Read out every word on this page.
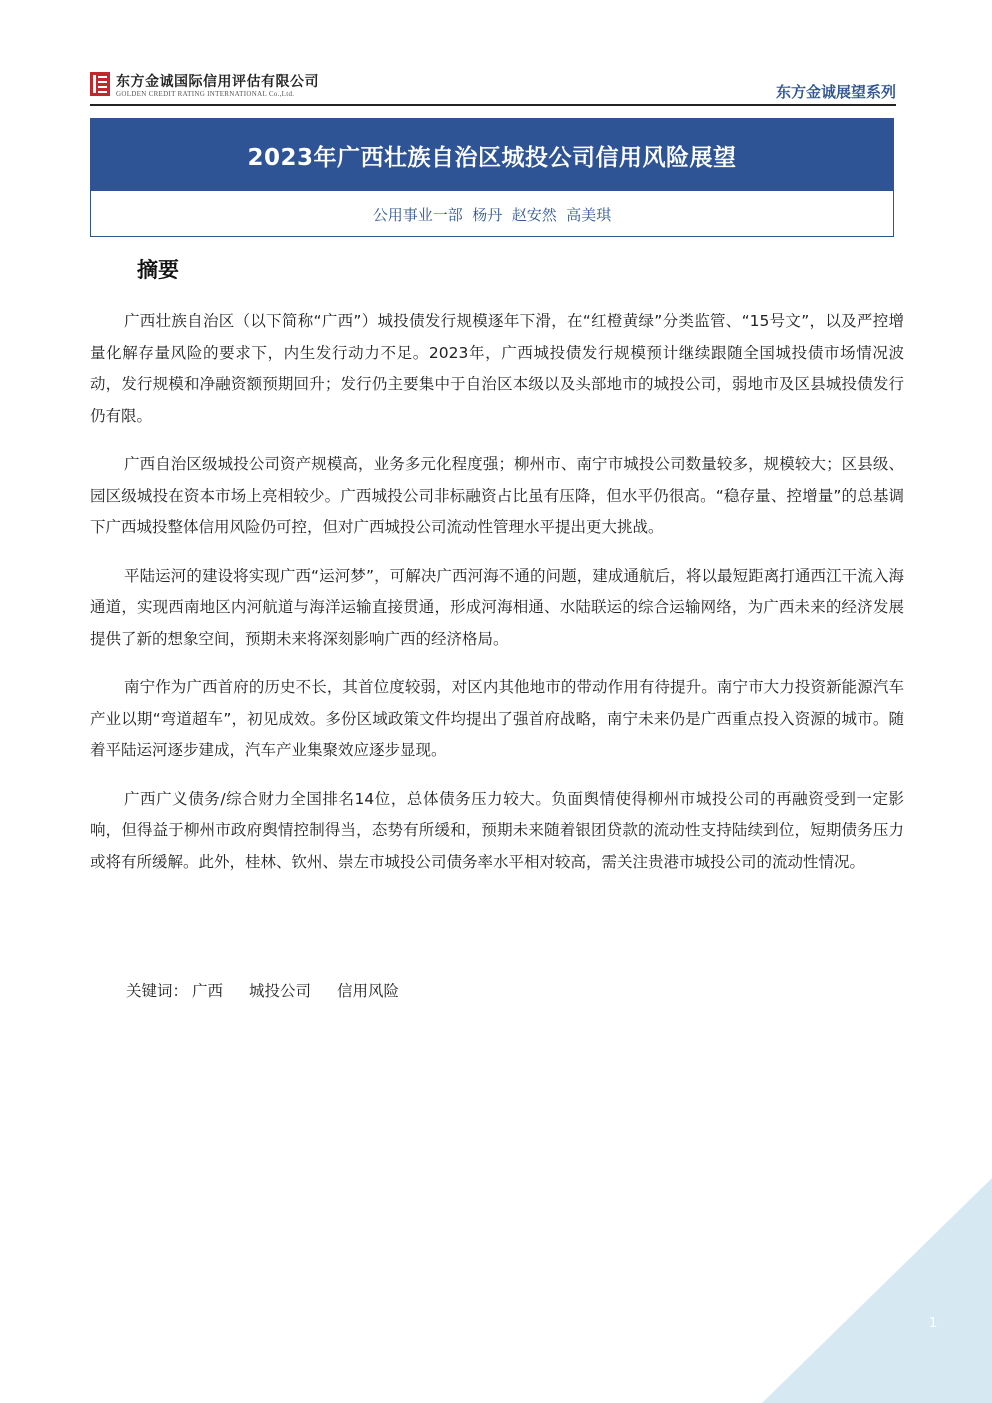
东方金诚国际信用评估有限公司
GOLDEN CREDIT RATING INTERNATIONAL Co.,Ltd.	东方金诚展望系列
2023年广西壮族自治区城投公司信用风险展望
公用事业一部  杨丹  赵安然  高美琪
摘要

广西壮族自治区（以下简称“广西”）城投债发行规模逐年下滑，在“红橙黄绿”分类监管、“15号文”，以及严控增量化解存量风险的要求下，内生发行动力不足。2023年，广西城投债发行规模预计继续跟随全国城投债市场情况波动，发行规模和净融资额预期回升；发行仍主要集中于自治区本级以及头部地市的城投公司，弱地市及区县城投债发行仍有限。

广西自治区级城投公司资产规模高，业务多元化程度强；柳州市、南宁市城投公司数量较多，规模较大；区县级、园区级城投在资本市场上亮相较少。广西城投公司非标融资占比虽有压降，但水平仍很高。“稳存量、控增量”的总基调下广西城投整体信用风险仍可控，但对广西城投公司流动性管理水平提出更大挑战。

平陆运河的建设将实现广西“运河梦”，可解决广西河海不通的问题，建成通航后，将以最短距离打通西江干流入海通道，实现西南地区内河航道与海洋运输直接贯通，形成河海相通、水陆联运的综合运输网络，为广西未来的经济发展提供了新的想象空间，预期未来将深刻影响广西的经济格局。

南宁作为广西首府的历史不长，其首位度较弱，对区内其他地市的带动作用有待提升。南宁市大力投资新能源汽车产业以期“弯道超车”，初见成效。多份区域政策文件均提出了强首府战略，南宁未来仍是广西重点投入资源的城市。随着平陆运河逐步建成，汽车产业集聚效应逐步显现。

广西广义债务/综合财力全国排名14位，总体债务压力较大。负面舆情使得柳州市城投公司的再融资受到一定影响，但得益于柳州市政府舆情控制得当，态势有所缓和，预期未来随着银团贷款的流动性支持陆续到位，短期债务压力或将有所缓解。此外，桂林、钦州、崇左市城投公司债务率水平相对较高，需关注贵港市城投公司的流动性情况。

关键词： 广西 城投公司 信用风险
1
